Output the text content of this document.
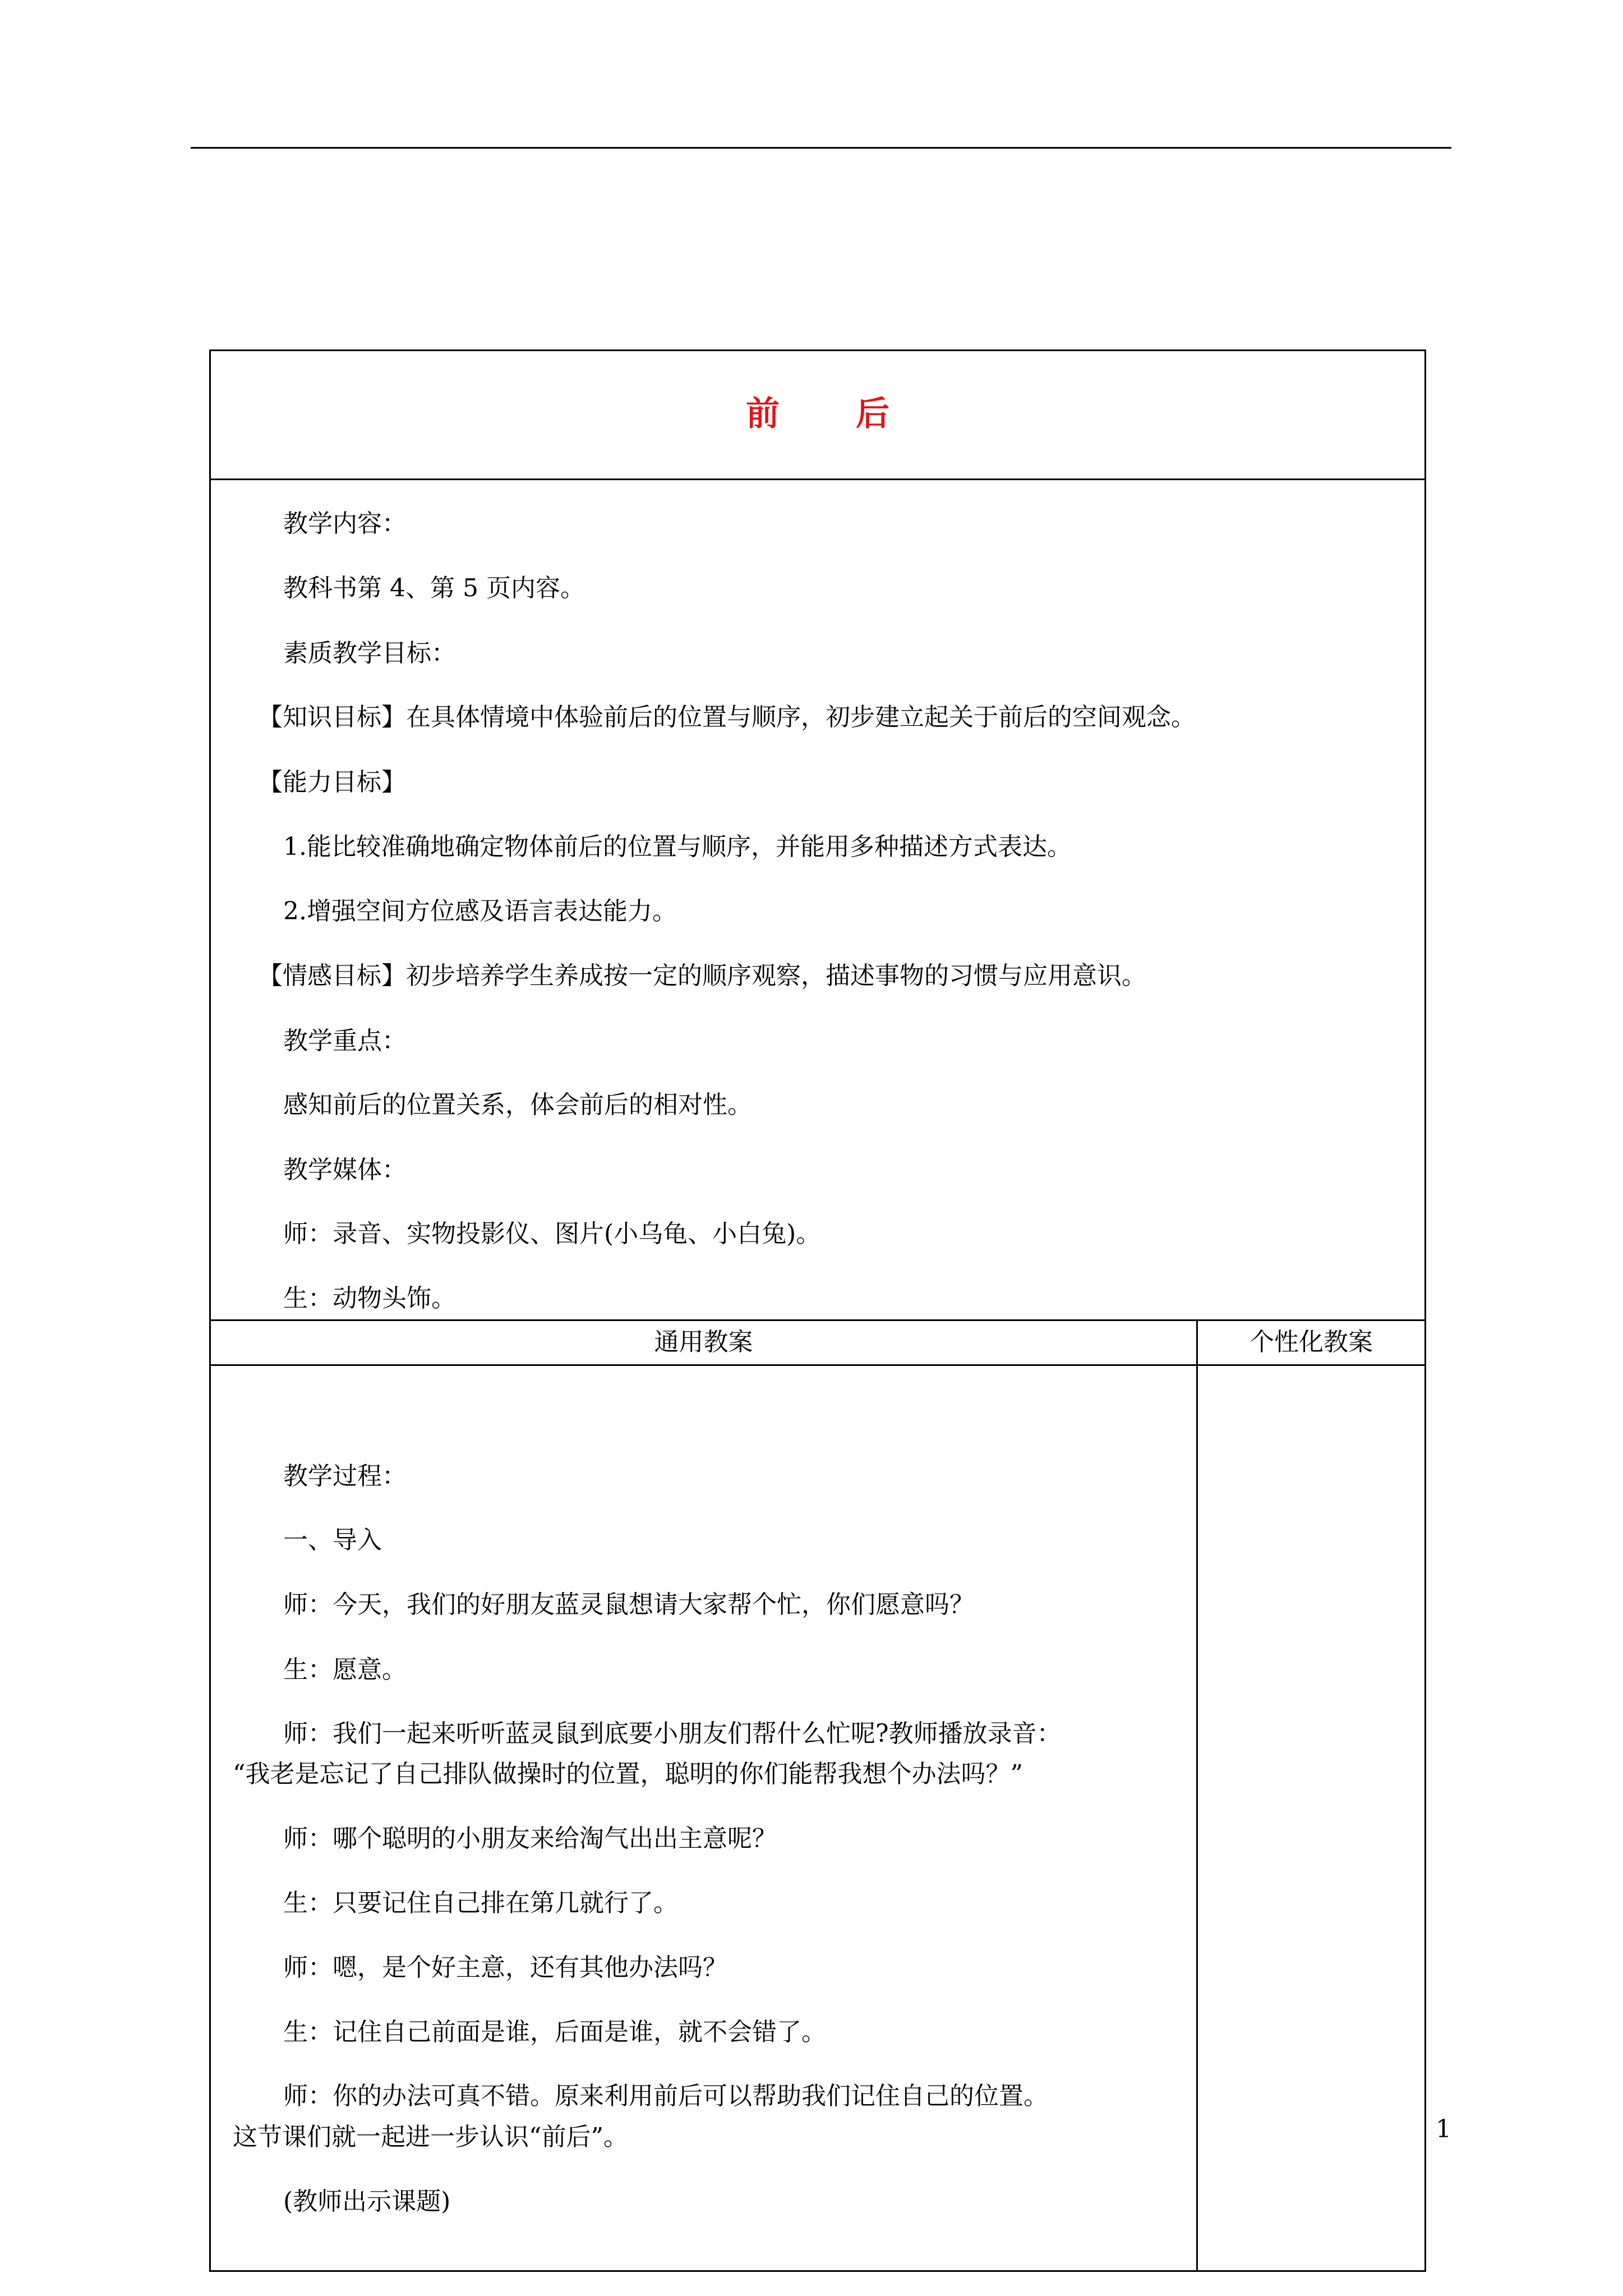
前 后
教学内容：
教科书第 4、第 5 页内容。
素质教学目标：
【知识目标】在具体情境中体验前后的位置与顺序，初步建立起关于前后的空间观念。
【能力目标】
1.能比较准确地确定物体前后的位置与顺序，并能用多种描述方式表达。
2.增强空间方位感及语言表达能力。
【情感目标】初步培养学生养成按一定的顺序观察，描述事物的习惯与应用意识。
教学重点：
感知前后的位置关系，体会前后的相对性。
教学媒体：
师：录音、实物投影仪、图片(小乌龟、小白兔)。
生：动物头饰。
通用教案	个性化教案
教学过程：
一、导入
师：今天，我们的好朋友蓝灵鼠想请大家帮个忙，你们愿意吗？
生：愿意。
师：我们一起来听听蓝灵鼠到底要小朋友们帮什么忙呢?教师播放录音：
“我老是忘记了自己排队做操时的位置，聪明的你们能帮我想个办法吗？”
师：哪个聪明的小朋友来给淘气出出主意呢？
生：只要记住自己排在第几就行了。
师：嗯，是个好主意，还有其他办法吗？
生：记住自己前面是谁，后面是谁，就不会错了。
师：你的办法可真不错。原来利用前后可以帮助我们记住自己的位置。
这节课们就一起进一步认识“前后”。
(教师出示课题)
1
